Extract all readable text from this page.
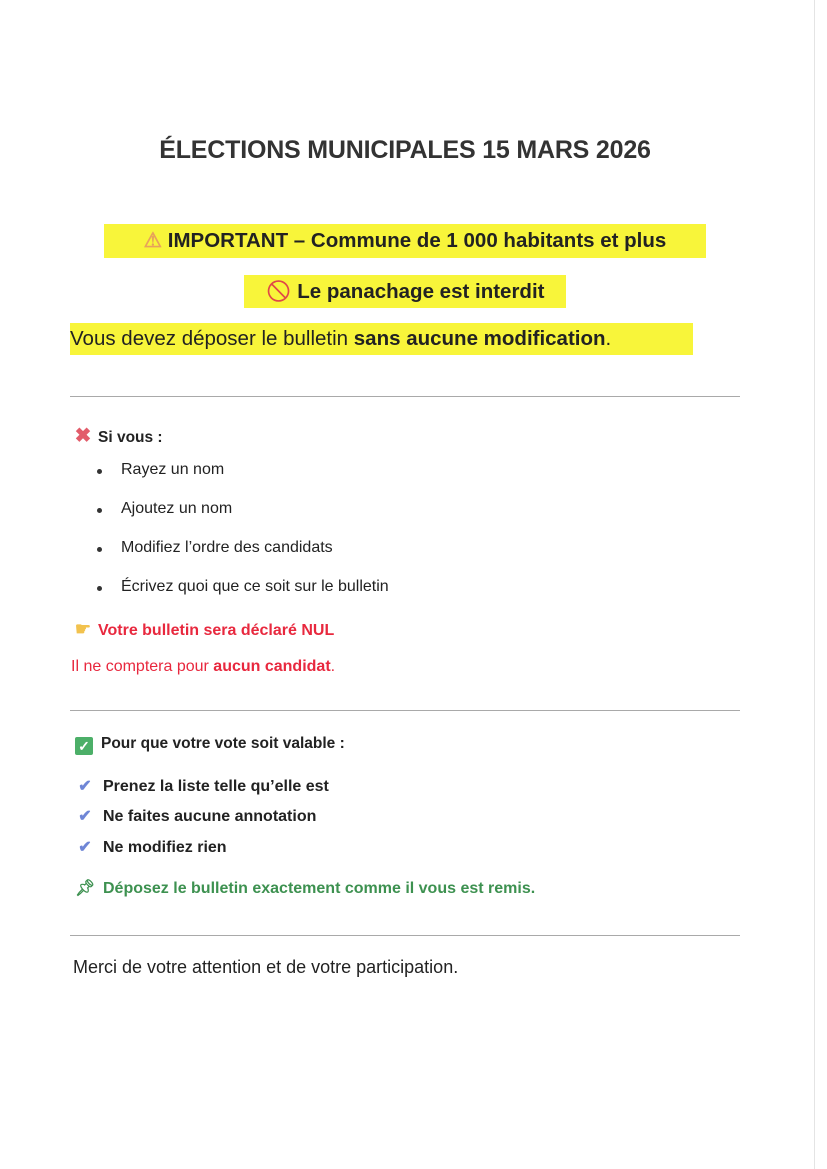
ÉLECTIONS MUNICIPALES 15 MARS 2026
⚠ IMPORTANT – Commune de 1 000 habitants et plus
🚫︎ Le panachage est interdit
Vous devez déposer le bulletin sans aucune modification.
✖ Si vous :
Rayez un nom
Ajoutez un nom
Modifiez l’ordre des candidats
Écrivez quoi que ce soit sur le bulletin
☛ Votre bulletin sera déclaré NUL
Il ne comptera pour aucun candidat.
✓ Pour que votre vote soit valable :
✔ Prenez la liste telle qu’elle est
✔ Ne faites aucune annotation
✔ Ne modifiez rien
📌︎ Déposez le bulletin exactement comme il vous est remis.
Merci de votre attention et de votre participation.
